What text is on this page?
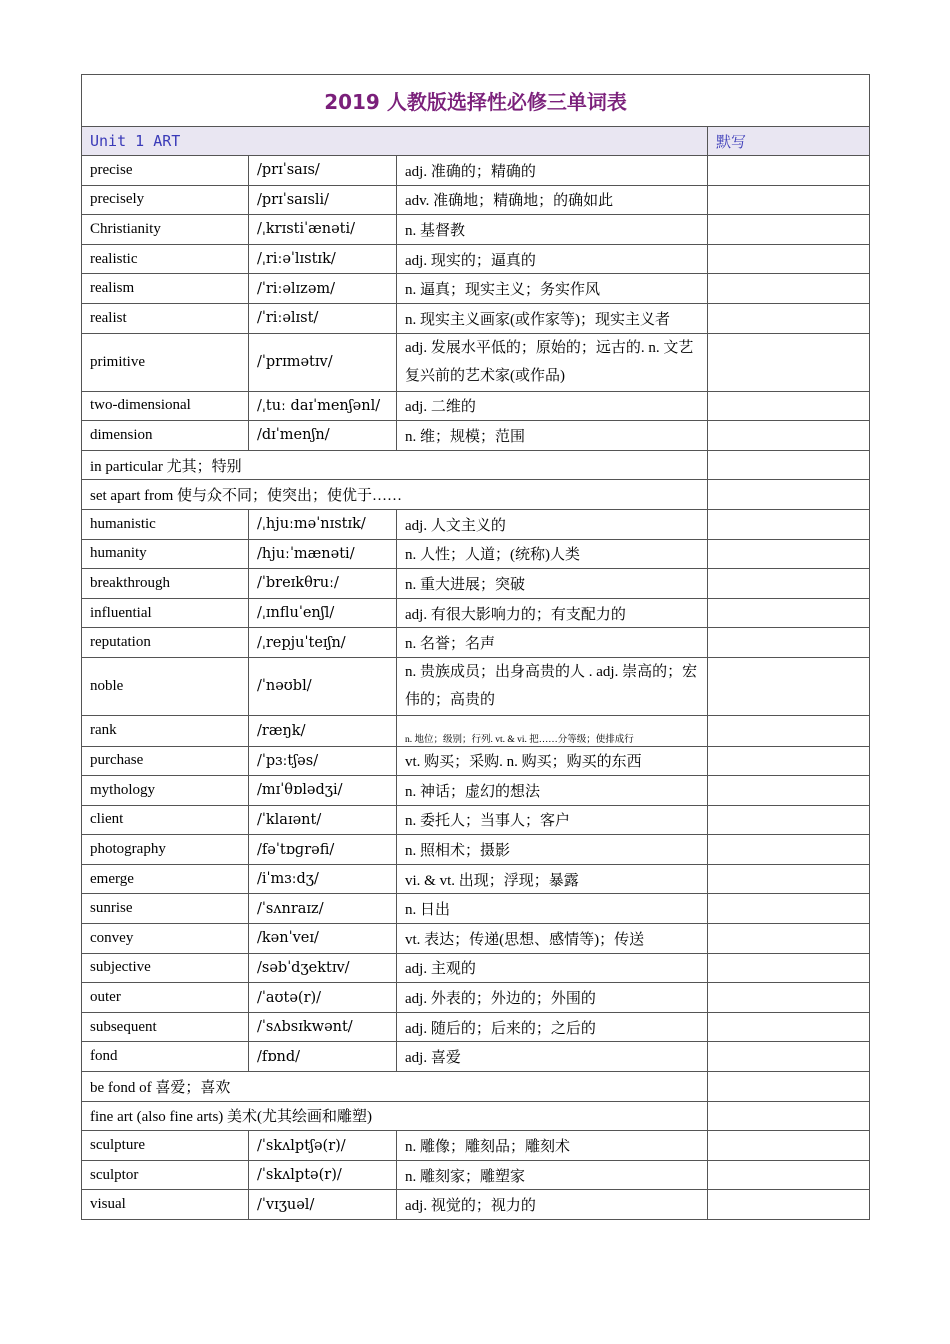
2019 人教版选择性必修三单词表			
Unit 1 ART			默写
precise	/prɪˈsaɪs/	adj. 准确的；精确的	
precisely	/prɪˈsaɪsli/	adv. 准确地；精确地；的确如此	
Christianity	/ˌkrɪstiˈænəti/	n. 基督教	
realistic	/ˌriːəˈlɪstɪk/	adj. 现实的；逼真的	
realism	/ˈriːəlɪzəm/	n. 逼真；现实主义；务实作风	
realist	/ˈriːəlɪst/	n. 现实主义画家(或作家等)；现实主义者	
primitive	/ˈprɪmətɪv/	adj. 发展水平低的；原始的；远古的. n. 文艺复兴前的艺术家(或作品)	
two-dimensional	/ˌtuː daɪˈmenʃənl/	adj. 二维的	
dimension	/dɪˈmenʃn/	n. 维；规模；范围	
in particular 尤其；特别			
set apart from 使与众不同；使突出；使优于……			
humanistic	/ˌhjuːməˈnɪstɪk/	adj. 人文主义的	
humanity	/hjuːˈmænəti/	n. 人性；人道；(统称)人类	
breakthrough	/ˈbreɪkθruː/	n. 重大进展；突破	
influential	/ˌɪnfluˈenʃl/	adj. 有很大影响力的；有支配力的	
reputation	/ˌrepjuˈteɪʃn/	n. 名誉；名声	
noble	/ˈnəʊbl/	n. 贵族成员；出身高贵的人 . adj. 崇高的；宏伟的；高贵的	
rank	/ræŋk/	n. 地位；级别；行列. vt. & vi. 把……分等级；使排成行	
purchase	/ˈpɜːtʃəs/	vt. 购买；采购. n. 购买；购买的东西	
mythology	/mɪˈθɒlədʒi/	n. 神话；虚幻的想法	
client	/ˈklaɪənt/	n. 委托人；当事人；客户	
photography	/fəˈtɒɡrəfi/	n. 照相术；摄影	
emerge	/iˈmɜːdʒ/	vi. & vt. 出现；浮现；暴露	
sunrise	/ˈsʌnraɪz/	n. 日出	
convey	/kənˈveɪ/	vt. 表达；传递(思想、感情等)；传送	
subjective	/səbˈdʒektɪv/	adj. 主观的	
outer	/ˈaʊtə(r)/	adj. 外表的；外边的；外围的	
subsequent	/ˈsʌbsɪkwənt/	adj. 随后的；后来的；之后的	
fond	/fɒnd/	adj. 喜爱	
be fond of 喜爱；喜欢			
fine art (also fine arts) 美术(尤其绘画和雕塑)			
sculpture	/ˈskʌlptʃə(r)/	n. 雕像；雕刻品；雕刻术	
sculptor	/ˈskʌlptə(r)/	n. 雕刻家；雕塑家	
visual	/ˈvɪʒuəl/	adj. 视觉的；视力的	
